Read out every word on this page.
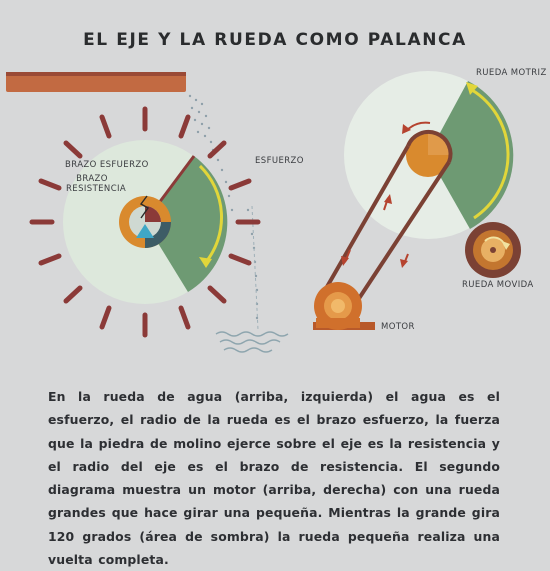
EL EJE Y LA RUEDA COMO PALANCA
BRAZO ESFUERZO
BRAZO
RESISTENCIA
ESFUERZO
RUEDA MOTRIZ
RUEDA MOVIDA
MOTOR
En la rueda de agua (arriba, izquierda) el agua es el esfuerzo, el radio de la rueda es el brazo esfuerzo, la fuerza que la piedra de molino ejerce sobre el eje es la resistencia y el radio del eje es el brazo de resistencia. El segundo diagrama muestra un motor (arriba, derecha) con una rueda grandes que hace girar una pequeña. Mientras la grande gira 120 grados (área de sombra) la rueda pequeña realiza una vuelta completa.
